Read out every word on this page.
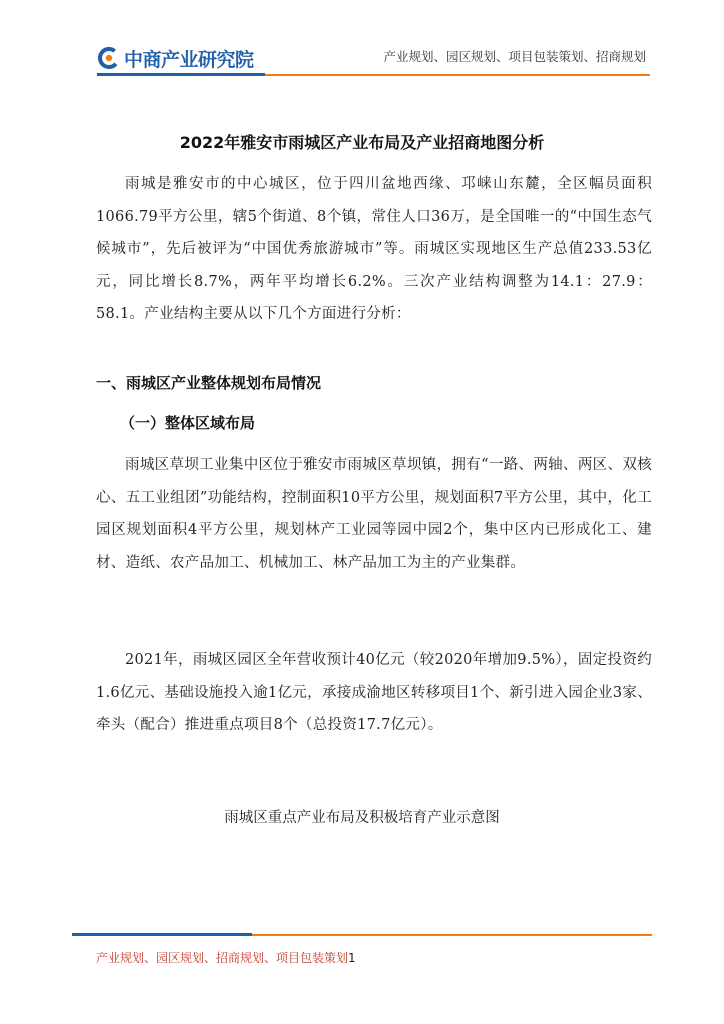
中商产业研究院	产业规划、园区规划、项目包装策划、招商规划
2022年雅安市雨城区产业布局及产业招商地图分析

雨城是雅安市的中心城区，位于四川盆地西缘、邛崃山东麓，全区幅员面积1066.79平方公里，辖5个街道、8个镇，常住人口36万，是全国唯一的“中国生态气候城市”，先后被评为“中国优秀旅游城市”等。雨城区实现地区生产总值233.53亿元，同比增长8.7%，两年平均增长6.2%。三次产业结构调整为14.1：27.9：58.1。产业结构主要从以下几个方面进行分析：

一、雨城区产业整体规划布局情况
（一）整体区域布局

雨城区草坝工业集中区位于雅安市雨城区草坝镇，拥有“一路、两轴、两区、双核心、五工业组团”功能结构，控制面积10平方公里，规划面积7平方公里，其中，化工园区规划面积4平方公里，规划林产工业园等园中园2个，集中区内已形成化工、建材、造纸、农产品加工、机械加工、林产品加工为主的产业集群。

2021年，雨城区园区全年营收预计40亿元（较2020年增加9.5%），固定投资约1.6亿元、基础设施投入逾1亿元，承接成渝地区转移项目1个、新引进入园企业3家、牵头（配合）推进重点项目8个（总投资17.7亿元）。

雨城区重点产业布局及积极培育产业示意图
产业规划、园区规划、招商规划、项目包装策划1
